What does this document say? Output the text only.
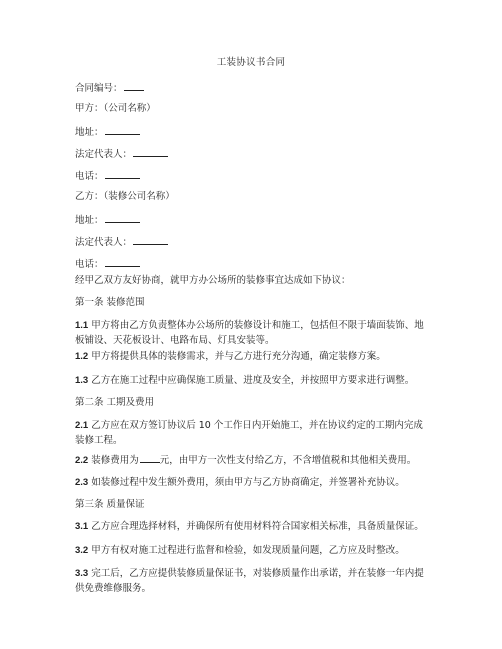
工装协议书合同
合同编号：
甲方：（公司名称）
地址：
法定代表人：
电话：
乙方：（装修公司名称）
地址：
法定代表人：
电话：
经甲乙双方友好协商，就甲方办公场所的装修事宜达成如下协议：
第一条 装修范围
1.1 甲方将由乙方负责整体办公场所的装修设计和施工，包括但不限于墙面装饰、地板铺设、天花板设计、电路布局、灯具安装等。
1.2 甲方将提供具体的装修需求，并与乙方进行充分沟通，确定装修方案。
1.3 乙方在施工过程中应确保施工质量、进度及安全，并按照甲方要求进行调整。
第二条 工期及费用
2.1 乙方应在双方签订协议后 10 个工作日内开始施工，并在协议约定的工期内完成装修工程。
2.2 装修费用为 元，由甲方一次性支付给乙方，不含增值税和其他相关费用。
2.3 如装修过程中发生额外费用，须由甲方与乙方协商确定，并签署补充协议。
第三条 质量保证
3.1 乙方应合理选择材料，并确保所有使用材料符合国家相关标准，具备质量保证。
3.2 甲方有权对施工过程进行监督和检验，如发现质量问题，乙方应及时整改。
3.3 完工后，乙方应提供装修质量保证书，对装修质量作出承诺，并在装修一年内提供免费维修服务。
